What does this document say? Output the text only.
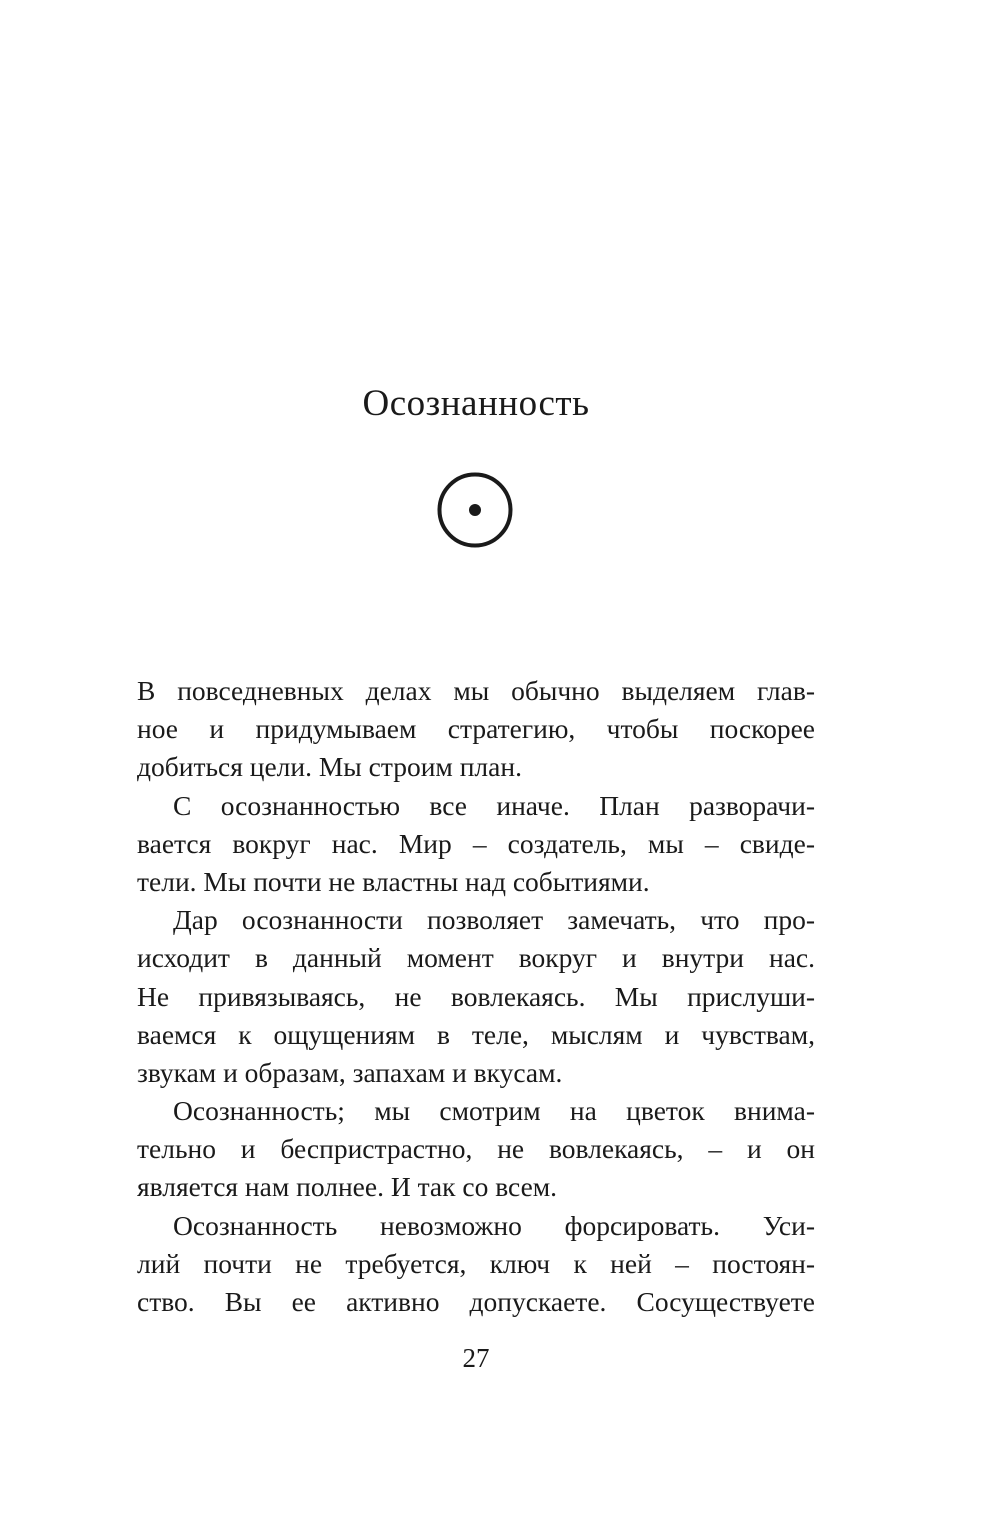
Осознанность
В повседневных делах мы обычно выделяем глав-
ное и придумываем стратегию, чтобы поскорее
добиться цели. Мы строим план.
С осознанностью все иначе. План разворачи-
вается вокруг нас. Мир – создатель, мы – свиде-
тели. Мы почти не властны над событиями.
Дар осознанности позволяет замечать, что про-
исходит в данный момент вокруг и внутри нас.
Не привязываясь, не вовлекаясь. Мы прислуши-
ваемся к ощущениям в теле, мыслям и чувствам,
звукам и образам, запахам и вкусам.
Осознанность; мы смотрим на цветок внима-
тельно и беспристрастно, не вовлекаясь, – и он
является нам полнее. И так со всем.
Осознанность невозможно форсировать. Уси-
лий почти не требуется, ключ к ней – постоян-
ство. Вы ее активно допускаете. Сосуществуете
27
